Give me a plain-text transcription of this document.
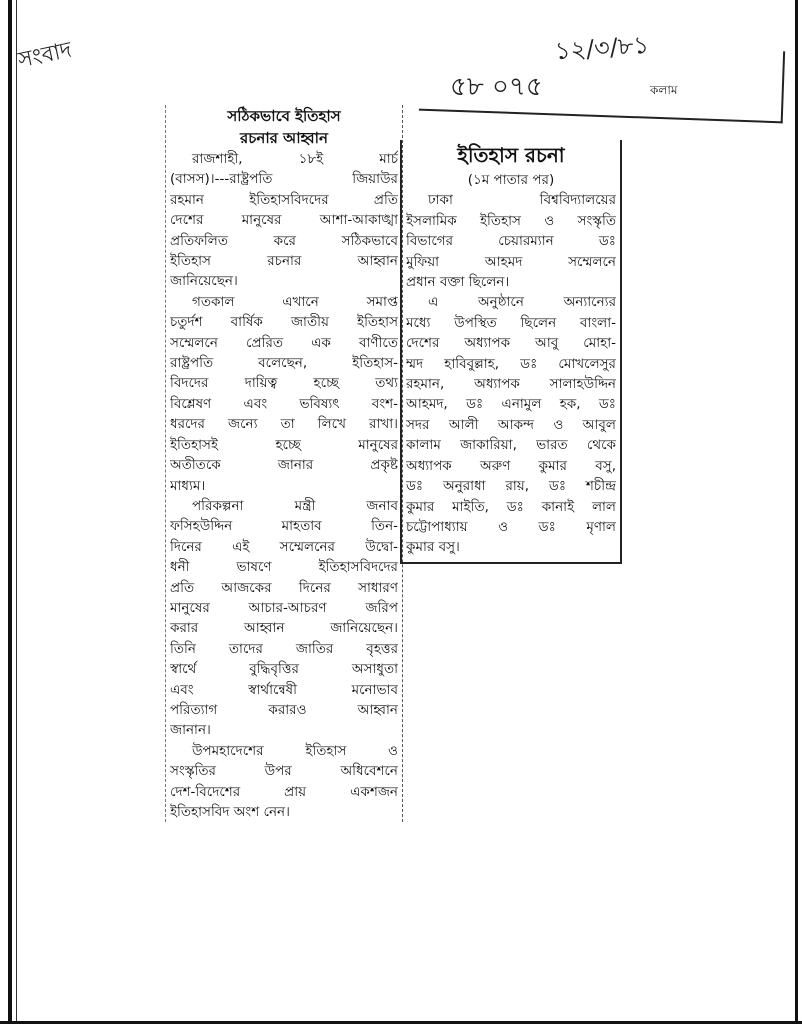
সংবাদ	১২/৩/৮১
৫৮ ০৭৫	কলাম
সঠিকভাবে ইতিহাস
রচনার আহ্বান
রাজশাহী, ১৮ই মার্চ
(বাসস)।---রাষ্ট্রপতি জিয়াউর
রহমান ইতিহাসবিদদের প্রতি
দেশের মানুষের আশা-আকাঙ্খা
প্রতিফলিত করে সঠিকভাবে
ইতিহাস রচনার আহ্বান
জানিয়েছেন।
গতকাল এখানে সমাপ্ত
চতুর্দশ বার্ষিক জাতীয় ইতিহাস
সম্মেলনে প্রেরিত এক বাণীতে
রাষ্ট্রপতি বলেছেন, ইতিহাস-
বিদদের দায়িত্ব হচ্ছে তথ্য
বিশ্লেষণ এবং ভবিষ্যৎ বংশ-
ধরদের জন্যে তা লিখে রাখা।
ইতিহাসই হচ্ছে মানুষের
অতীতকে জানার প্রকৃষ্ট
মাধ্যম।
পরিকল্পনা মন্ত্রী জনাব
ফসিহউদ্দিন মাহতাব তিন-
দিনের এই সম্মেলনের উদ্বো-
ধনী ভাষণে ইতিহাসবিদদের
প্রতি আজকের দিনের সাধারণ
মানুষের আচার-আচরণ জরিপ
করার আহ্বান জানিয়েছেন।
তিনি তাদের জাতির বৃহত্তর
স্বার্থে বুদ্ধিবৃত্তির অসাধুতা
এবং স্বার্থান্বেষী মনোভাব
পরিত্যাগ করারও আহ্বান
জানান।
উপমহাদেশের ইতিহাস ও
সংস্কৃতির উপর অধিবেশনে
দেশ-বিদেশের প্রায় একশজন
ইতিহাসবিদ অংশ নেন।
ইতিহাস রচনা
(১ম পাতার পর)
ঢাকা বিশ্ববিদ্যালয়ের
ইসলামিক ইতিহাস ও সংস্কৃতি
বিভাগের চেয়ারম্যান ডঃ
মুফিয়া আহমদ সম্মেলনে
প্রধান বক্তা ছিলেন।
এ অনুষ্ঠানে অন্যান্যের
মধ্যে উপস্থিত ছিলেন বাংলা-
দেশের অধ্যাপক আবু মোহা-
ম্মদ হাবিবুল্লাহ, ডঃ মোখলেসুর
রহমান, অধ্যাপক সালাহউদ্দিন
আহমদ, ডঃ এনামুল হক, ডঃ
সদর আলী আকন্দ ও আবুল
কালাম জাকারিয়া, ভারত থেকে
অধ্যাপক অরুণ কুমার বসু,
ডঃ অনুরাধা রায়, ডঃ শচীন্দ্র
কুমার মাইতি, ডঃ কানাই লাল
চট্টোপাধ্যায় ও ডঃ মৃণাল
কুমার বসু।
